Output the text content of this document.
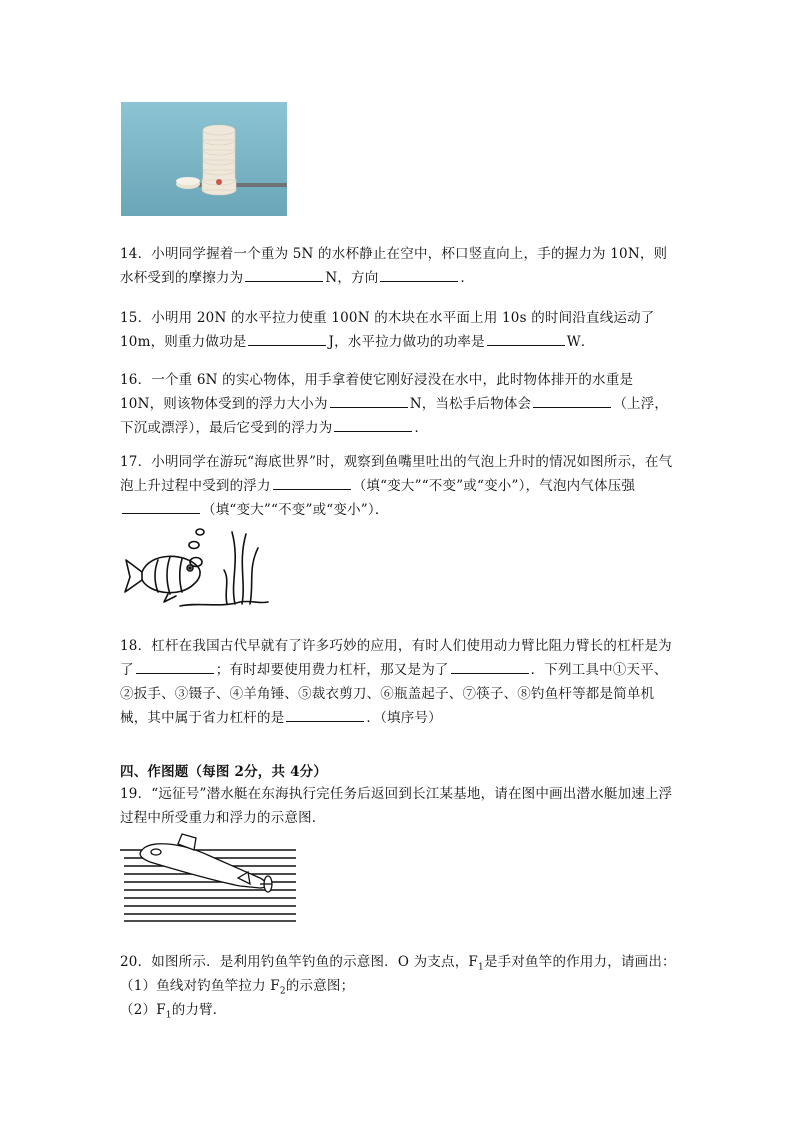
14．小明同学握着一个重为 5N 的水杯静止在空中，杯口竖直向上，手的握力为 10N，则水杯受到的摩擦力为	N，方向	．
15．小明用 20N 的水平拉力使重 100N 的木块在水平面上用 10s 的时间沿直线运动了 10m，则重力做功是	J，水平拉力做功的功率是	W．
16．一个重 6N 的实心物体，用手拿着使它刚好浸没在水中，此时物体排开的水重是 10N，则该物体受到的浮力大小为	N，当松手后物体会	（上浮，下沉或漂浮），最后它受到的浮力为	．
17．小明同学在游玩“海底世界”时，观察到鱼嘴里吐出的气泡上升时的情况如图所示，在气泡上升过程中受到的浮力	（填“变大”“不变”或“变小”），气泡内气体压强（填“变大”“不变”或“变小”）．
18．杠杆在我国古代早就有了许多巧妙的应用，有时人们使用动力臂比阻力臂长的杠杆是为了	；有时却要使用费力杠杆，那又是为了	．下列工具中①天平、②扳手、③镊子、④羊角锤、⑤裁衣剪刀、⑥瓶盖起子、⑦筷子、⑧钓鱼杆等都是简单机械，其中属于省力杠杆的是	．（填序号）
四、作图题（每图 2分，共 4分）
19．“远征号”潜水艇在东海执行完任务后返回到长江某基地，请在图中画出潜水艇加速上浮过程中所受重力和浮力的示意图．
20．如图所示．是利用钓鱼竿钓鱼的示意图．O 为支点，$F_1$是手对鱼竿的作用力，请画出：
（1）鱼线对钓鱼竿拉力 $F_2$的示意图；
$(2)F_1$的力臂．
